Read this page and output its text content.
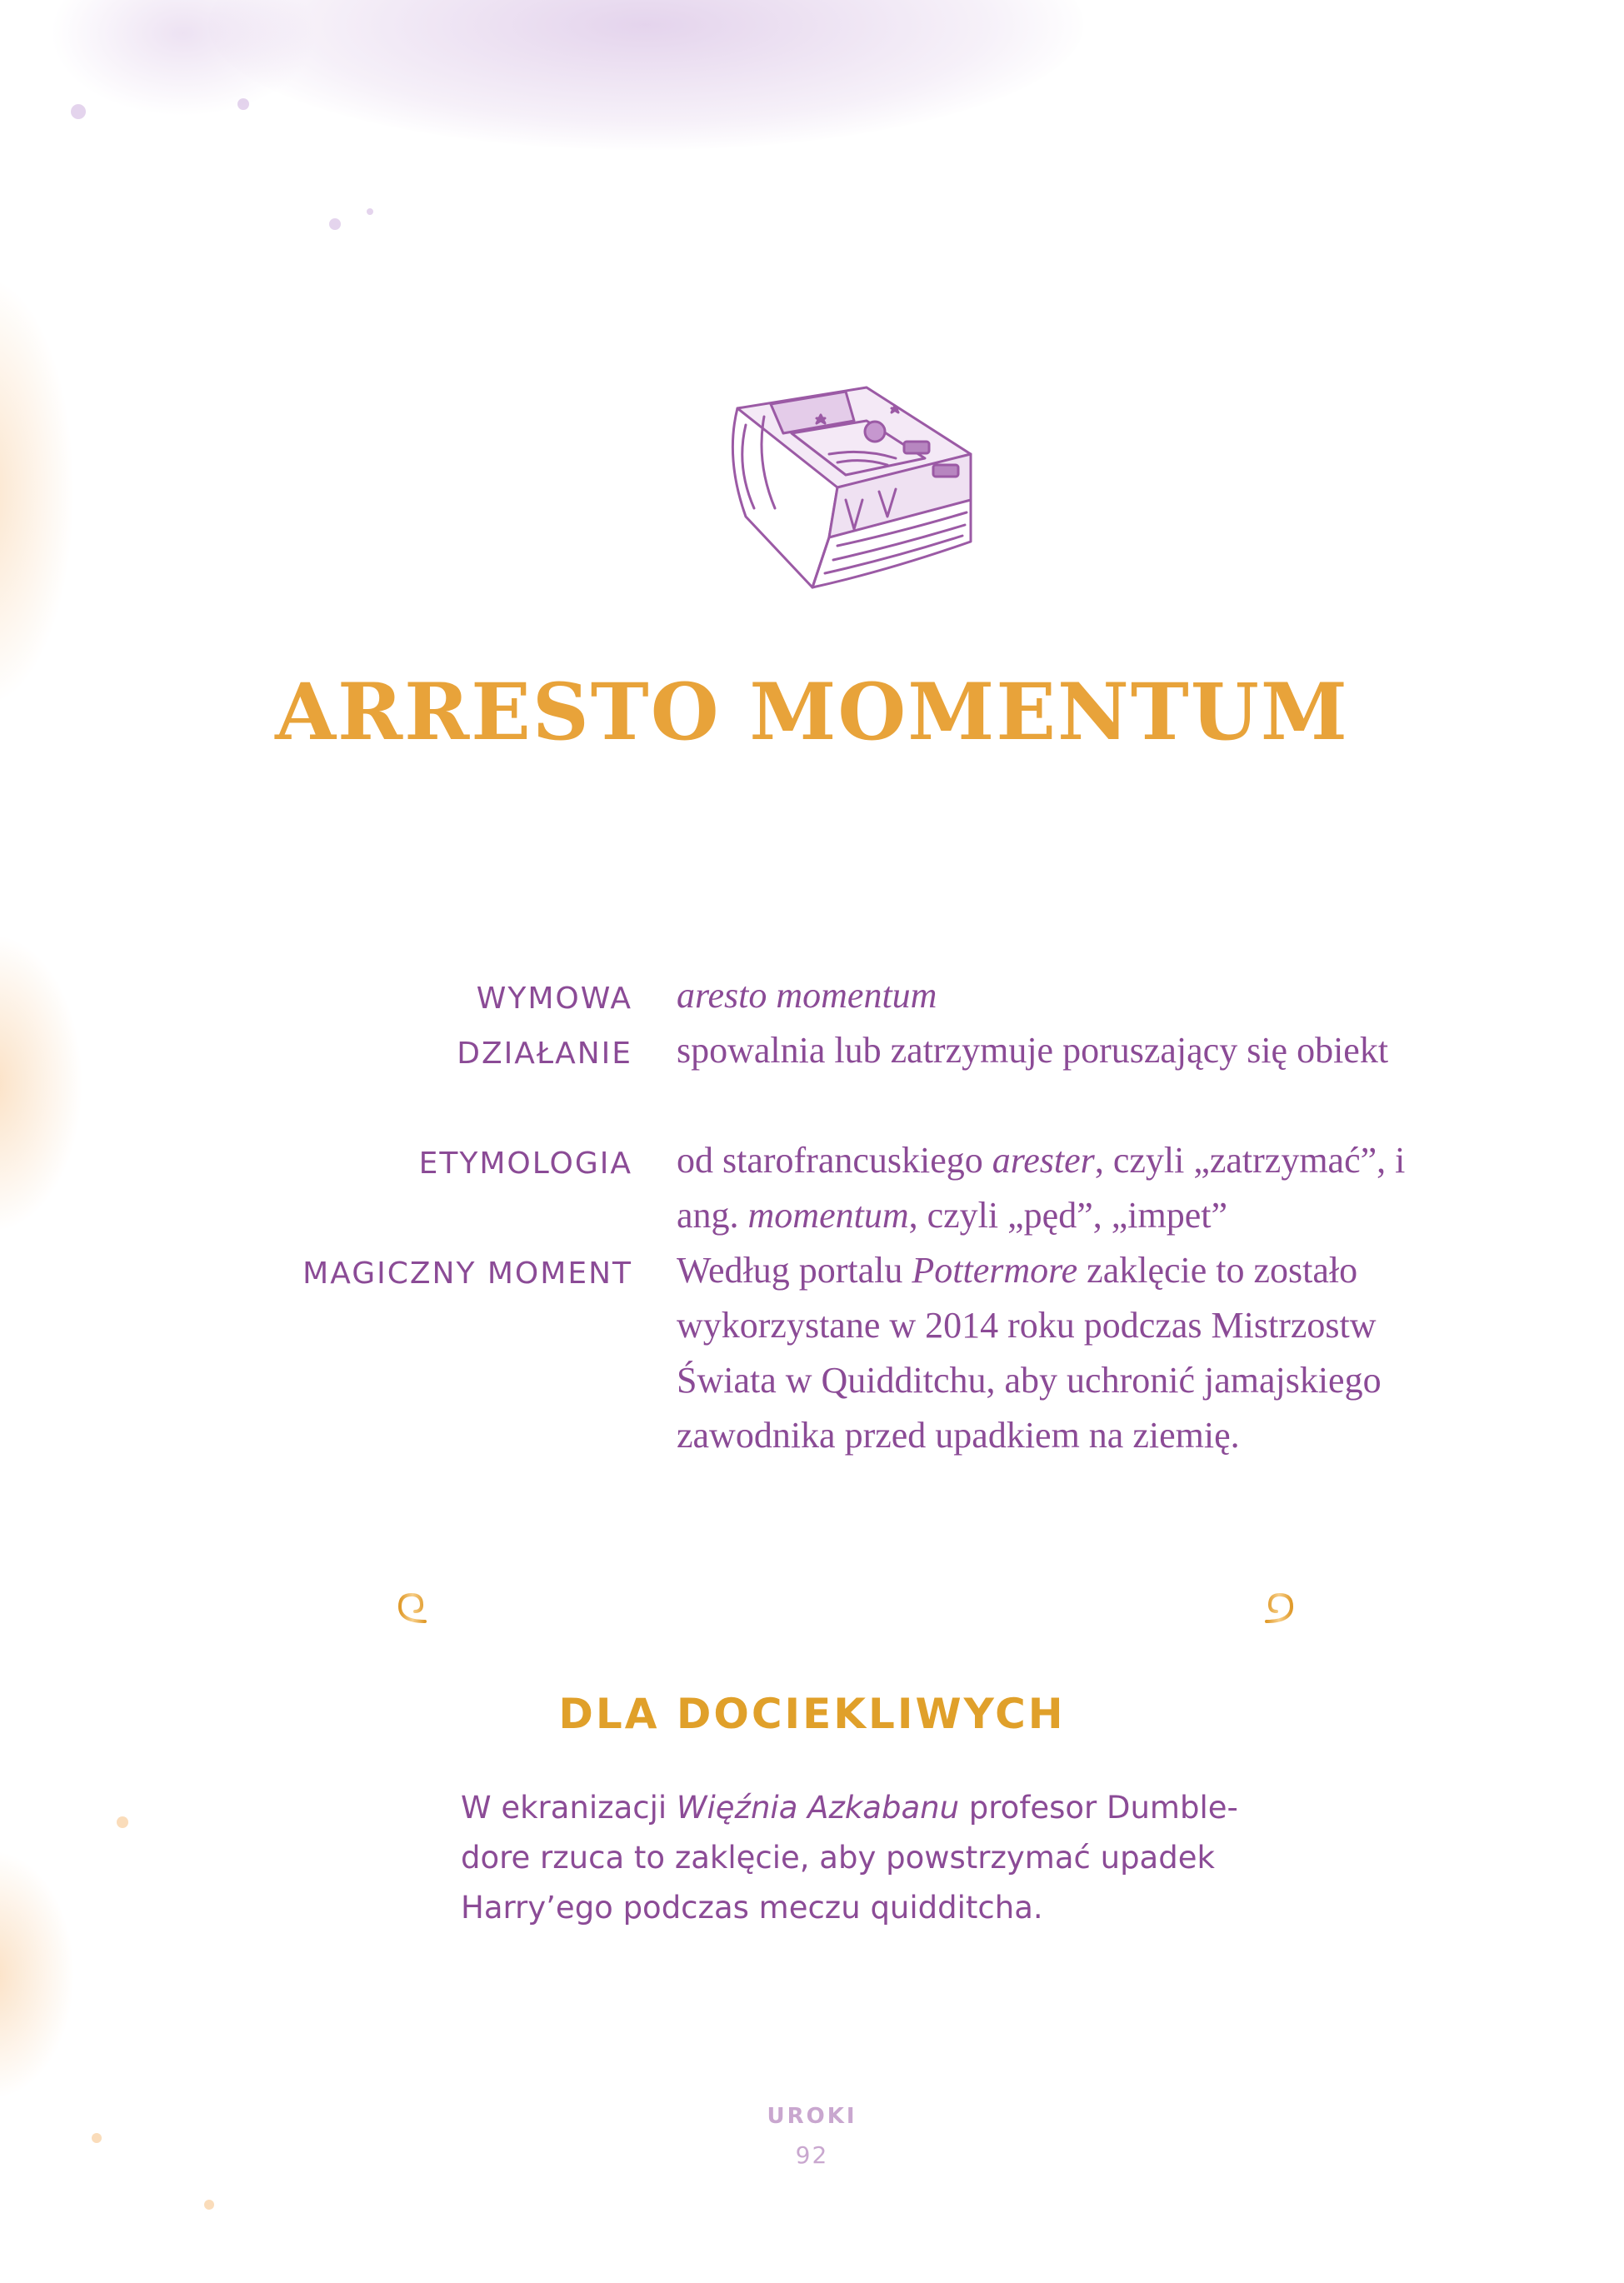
ARRESTO MOMENTUM
WYMOWA aresto momentum

DZIAŁANIE spowalnia lub zatrzymuje poruszający się obiekt

ETYMOLOGIA od starofrancuskiego arester, czyli „zatrzymać”, i ang. momentum, czyli „pęd”, „impet”

MAGICZNY MOMENT Według portalu Pottermore zaklęcie to zostało wykorzystane w 2014 roku podczas Mistrzostw Świata w Quidditchu, aby uchronić jamajskiego zawodnika przed upadkiem na ziemię.

DLA DOCIEKLIWYCH

W ekranizacji Więźnia Azkabanu profesor Dumble-dore rzuca to zaklęcie, aby powstrzymać upadek Harry’ego podczas meczu quidditcha.

UROKI
92
